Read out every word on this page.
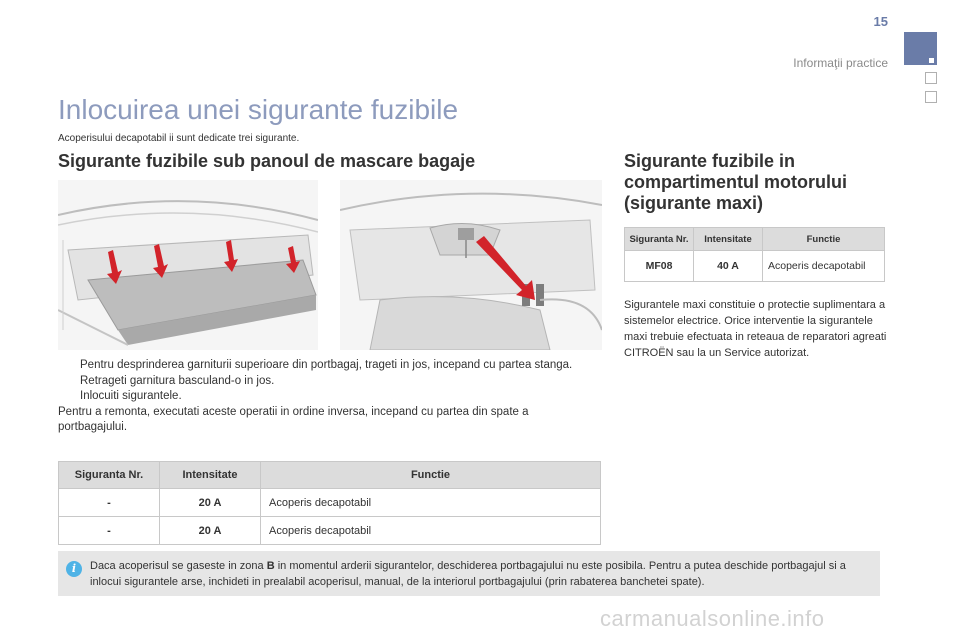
15
Informaţii practice
Inlocuirea unei sigurante fuzibile
Acoperisului decapotabil ii sunt dedicate trei sigurante.
Sigurante fuzibile sub panoul de mascare bagaje	Sigurante fuzibile in compartimentul motorului (sigurante maxi)
Pentru desprinderea garniturii superioare din portbagaj, trageti in jos, incepand cu partea stanga.
Retrageti garnitura basculand-o in jos.
Inlocuiti sigurantele.
Pentru a remonta, executati aceste operatii in ordine inversa, incepand cu partea din spate a portbagajului.
Siguranta Nr.	Intensitate	Functie
-	20 A	Acoperis decapotabil
-	20 A	Acoperis decapotabil
Siguranta Nr.	Intensitate	Functie
MF08	40 A	Acoperis decapotabil
Sigurantele maxi constituie o protectie suplimentara a sistemelor electrice. Orice interventie la sigurantele maxi trebuie efectuata in reteaua de reparatori agreati CITROËN sau la un Service autorizat.
i	Daca acoperisul se gaseste in zona B in momentul arderii sigurantelor, deschiderea portbagajului nu este posibila. Pentru a putea deschide portbagajul si a inlocui sigurantele arse, inchideti in prealabil acoperisul, manual, de la interiorul portbagajului (prin rabaterea banchetei spate).
carmanualsonline.info
